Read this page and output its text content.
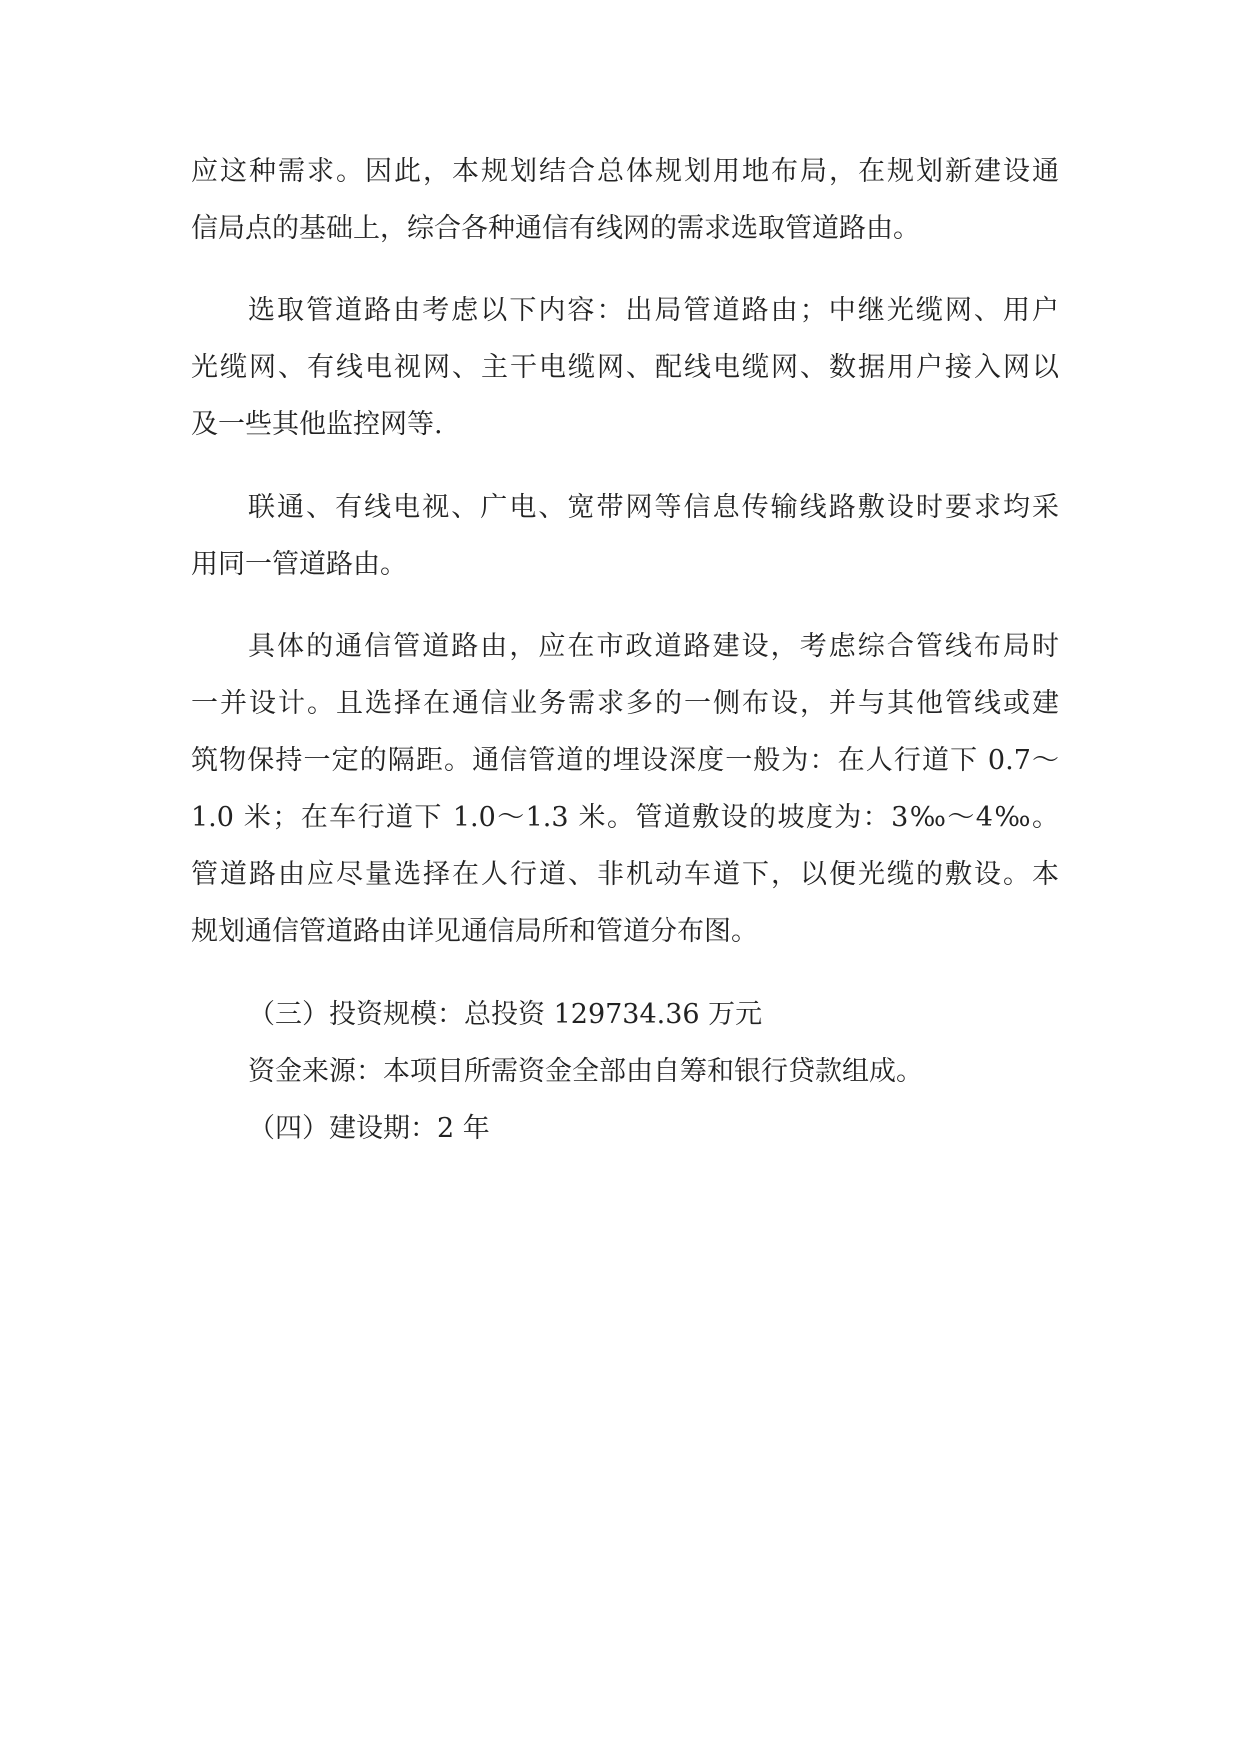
应这种需求。因此，本规划结合总体规划用地布局，在规划新建设通
信局点的基础上，综合各种通信有线网的需求选取管道路由。
选取管道路由考虑以下内容：出局管道路由；中继光缆网、用户
光缆网、有线电视网、主干电缆网、配线电缆网、数据用户接入网以
及一些其他监控网等.
联通、有线电视、广电、宽带网等信息传输线路敷设时要求均采
用同一管道路由。
具体的通信管道路由，应在市政道路建设，考虑综合管线布局时
一并设计。且选择在通信业务需求多的一侧布设，并与其他管线或建
筑物保持一定的隔距。通信管道的埋设深度一般为：在人行道下 0.7～
1.0 米；在车行道下 1.0～1.3 米。管道敷设的坡度为：3‰～4‰。
管道路由应尽量选择在人行道、非机动车道下，以便光缆的敷设。本
规划通信管道路由详见通信局所和管道分布图。
（三）投资规模：总投资 129734.36 万元
资金来源：本项目所需资金全部由自筹和银行贷款组成。
（四）建设期：2 年
